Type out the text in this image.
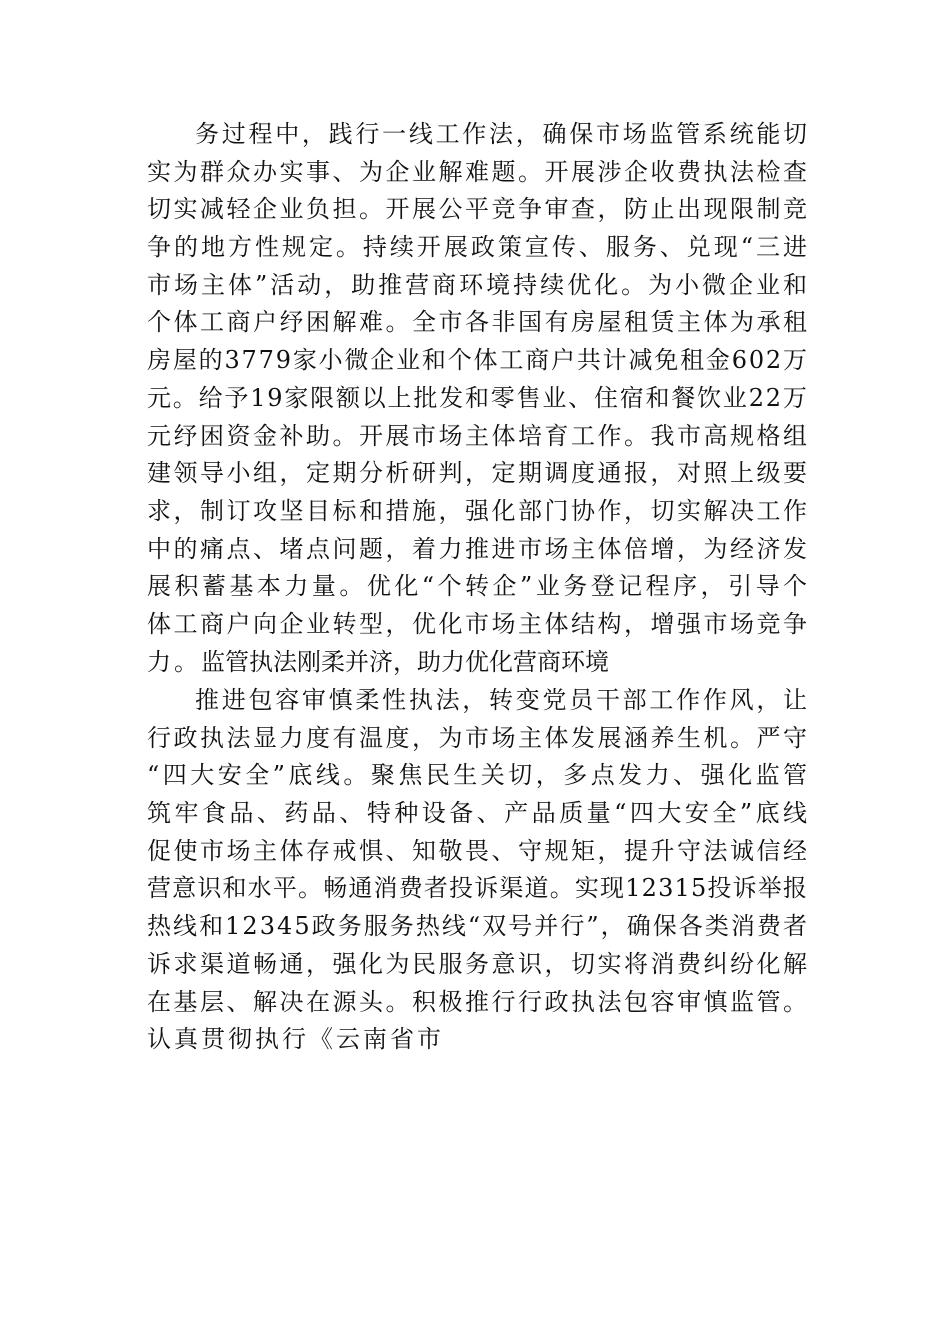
务过程中，践行一线工作法，确保市场监管系统能切
实为群众办实事、为企业解难题。开展涉企收费执法检查
切实减轻企业负担。开展公平竞争审查，防止出现限制竞
争的地方性规定。持续开展政策宣传、服务、兑现“三进
市场主体”活动，助推营商环境持续优化。为小微企业和
个体工商户纾困解难。全市各非国有房屋租赁主体为承租
房屋的3779家小微企业和个体工商户共计减免租金602万
元。给予19家限额以上批发和零售业、住宿和餐饮业22万
元纾困资金补助。开展市场主体培育工作。我市高规格组
建领导小组，定期分析研判，定期调度通报，对照上级要
求，制订攻坚目标和措施，强化部门协作，切实解决工作
中的痛点、堵点问题，着力推进市场主体倍增，为经济发
展积蓄基本力量。优化“个转企”业务登记程序，引导个
体工商户向企业转型，优化市场主体结构，增强市场竞争
力。 监管执法刚柔并济，助力优化营商环境
推进包容审慎柔性执法，转变党员干部工作作风，让
行政执法显力度有温度，为市场主体发展涵养生机。严守
“四大安全”底线。聚焦民生关切，多点发力、强化监管
筑牢食品、药品、特种设备、产品质量“四大安全”底线
促使市场主体存戒惧、知敬畏、守规矩，提升守法诚信经
营意识和水平。畅通消费者投诉渠道。实现12315投诉举报
热线和12345政务服务热线“双号并行”，确保各类消费者
诉求渠道畅通，强化为民服务意识，切实将消费纠纷化解
在基层、解决在源头。积极推行行政执法包容审慎监管。
认真贯彻执行《云南省市
